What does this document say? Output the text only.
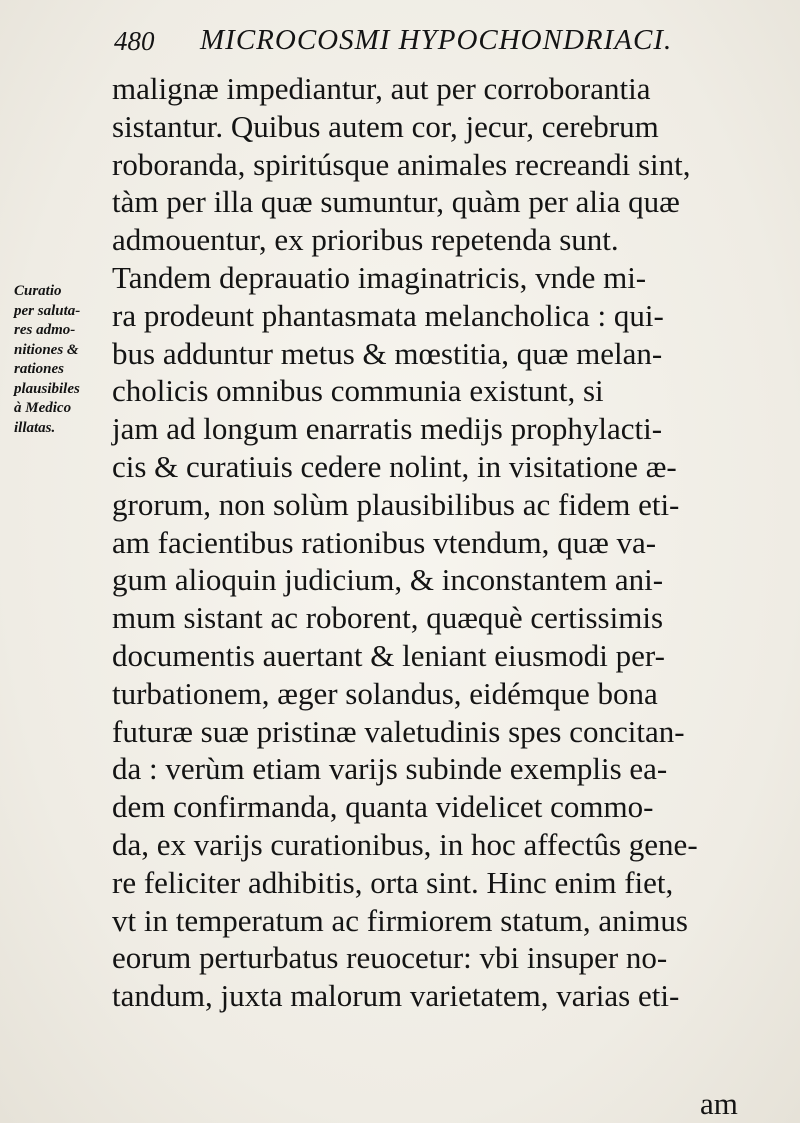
480 MICROCOSMI HYPOCHONDRIACI.
Curatio
per saluta-
res admo-
nitiones &
rationes
plausibiles
à Medico
illatas.
malignæ impediantur, aut per corroborantia
sistantur. Quibus autem cor, jecur, cerebrum
roboranda, spiritúsque animales recreandi sint,
tàm per illa quæ sumuntur, quàm per alia quæ
admouentur, ex prioribus repetenda sunt.
Tandem deprauatio imaginatricis, vnde mi-
ra prodeunt phantasmata melancholica : qui-
bus adduntur metus & mœstitia, quæ melan-
cholicis omnibus communia existunt, si
jam ad longum enarratis medijs prophylacti-
cis & curatiuis cedere nolint, in visitatione æ-
grorum, non solùm plausibilibus ac fidem eti-
am facientibus rationibus vtendum, quæ va-
gum alioquin judicium, & inconstantem ani-
mum sistant ac roborent, quæquè certissimis
documentis auertant & leniant eiusmodi per-
turbationem, æger solandus, eidémque bona
futuræ suæ pristinæ valetudinis spes concitan-
da : verùm etiam varijs subinde exemplis ea-
dem confirmanda, quanta videlicet commo-
da, ex varijs curationibus, in hoc affectûs gene-
re feliciter adhibitis, orta sint. Hinc enim fiet,
vt in temperatum ac firmiorem statum, animus
eorum perturbatus reuocetur: vbi insuper no-
tandum, juxta malorum varietatem, varias eti-
am
